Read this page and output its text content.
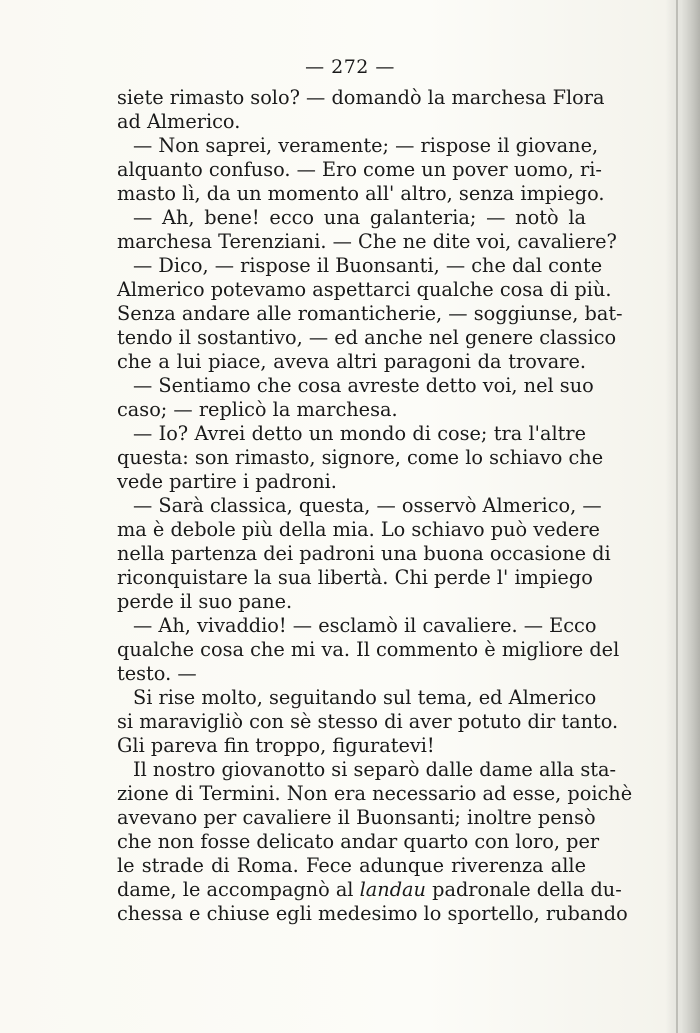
— 272 —
siete rimasto solo? — domandò la marchesa Flora
ad Almerico.
— Non saprei, veramente; — rispose il giovane,
alquanto confuso. — Ero come un pover uomo, ri-
masto lì, da un momento all' altro, senza impiego.
— Ah, bene! ecco una galanteria; — notò la
marchesa Terenziani. — Che ne dite voi, cavaliere?
— Dico, — rispose il Buonsanti, — che dal conte
Almerico potevamo aspettarci qualche cosa di più.
Senza andare alle romanticherie, — soggiunse, bat-
tendo il sostantivo, — ed anche nel genere classico
che a lui piace, aveva altri paragoni da trovare.
— Sentiamo che cosa avreste detto voi, nel suo
caso; — replicò la marchesa.
— Io? Avrei detto un mondo di cose; tra l'altre
questa: son rimasto, signore, come lo schiavo che
vede partire i padroni.
— Sarà classica, questa, — osservò Almerico, —
ma è debole più della mia. Lo schiavo può vedere
nella partenza dei padroni una buona occasione di
riconquistare la sua libertà. Chi perde l' impiego
perde il suo pane.
— Ah, vivaddio! — esclamò il cavaliere. — Ecco
qualche cosa che mi va. Il commento è migliore del
testo. —
Si rise molto, seguitando sul tema, ed Almerico
si maravigliò con sè stesso di aver potuto dir tanto.
Gli pareva fin troppo, figuratevi!
Il nostro giovanotto si separò dalle dame alla sta-
zione di Termini. Non era necessario ad esse, poichè
avevano per cavaliere il Buonsanti; inoltre pensò
che non fosse delicato andar quarto con loro, per
le strade di Roma. Fece adunque riverenza alle
dame, le accompagnò al landau padronale della du-
chessa e chiuse egli medesimo lo sportello, rubando
